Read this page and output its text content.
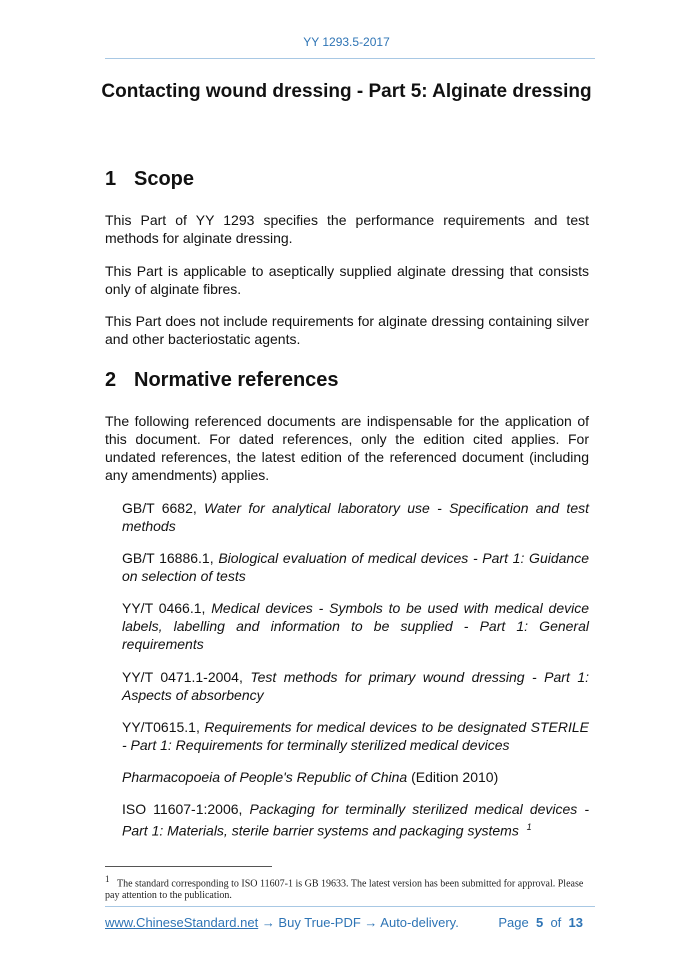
YY 1293.5-2017
Contacting wound dressing - Part 5: Alginate dressing
1 Scope
This Part of YY 1293 specifies the performance requirements and test methods for alginate dressing.
This Part is applicable to aseptically supplied alginate dressing that consists only of alginate fibres.
This Part does not include requirements for alginate dressing containing silver and other bacteriostatic agents.
2 Normative references
The following referenced documents are indispensable for the application of this document. For dated references, only the edition cited applies. For undated references, the latest edition of the referenced document (including any amendments) applies.
GB/T 6682, Water for analytical laboratory use - Specification and test methods
GB/T 16886.1, Biological evaluation of medical devices - Part 1: Guidance on selection of tests
YY/T 0466.1, Medical devices - Symbols to be used with medical device labels, labelling and information to be supplied - Part 1: General requirements
YY/T 0471.1-2004, Test methods for primary wound dressing - Part 1: Aspects of absorbency
YY/T0615.1, Requirements for medical devices to be designated STERILE - Part 1: Requirements for terminally sterilized medical devices
Pharmacopoeia of People's Republic of China (Edition 2010)
ISO 11607-1:2006, Packaging for terminally sterilized medical devices - Part 1: Materials, sterile barrier systems and packaging systems $^1$
$^1$ The standard corresponding to ISO 11607-1 is GB 19633. The latest version has been submitted for approval. Please pay attention to the publication.
www.ChineseStandard.net → Buy True-PDF → Auto-delivery.	Page 5 of 13
